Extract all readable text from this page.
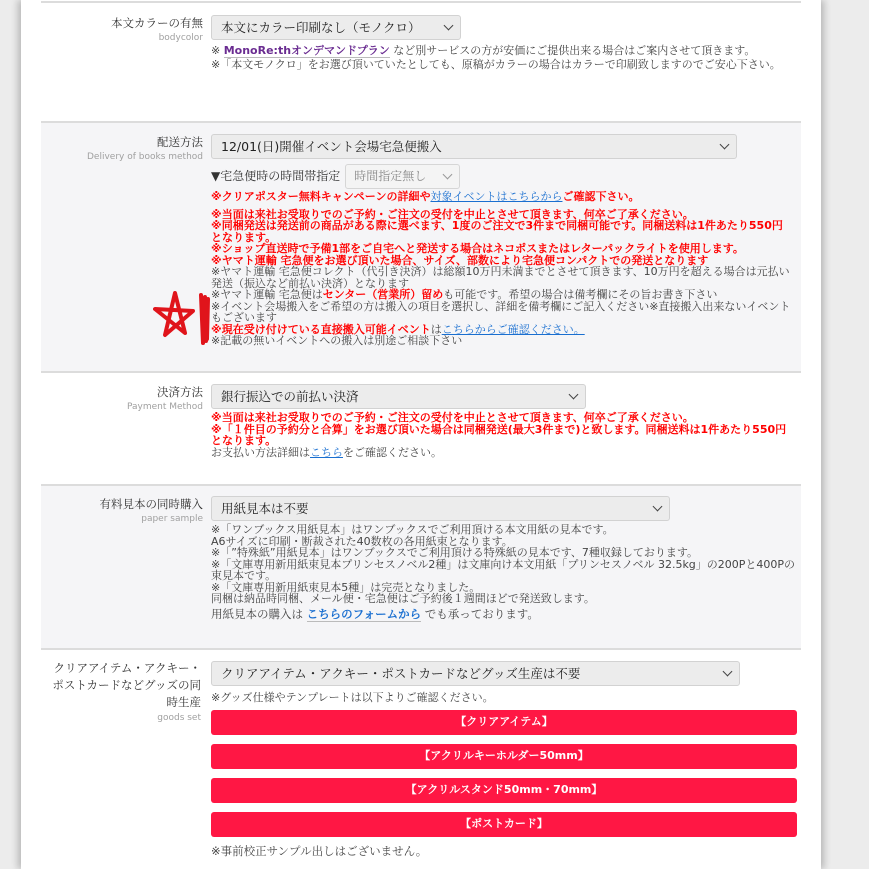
本文カラーの有無
bodycolor
本文にカラー印刷なし（モノクロ）
※ MonoRe:thオンデマンドプラン など別サービスの方が安価にご提供出来る場合はご案内させて頂きます。
※「本文モノクロ」をお選び頂いていたとしても、原稿がカラーの場合はカラーで印刷致しますのでご安心下さい。
配送方法
Delivery of books method
12/01(日)開催イベント会場宅急便搬入
▼宅急便時の時間帯指定 時間指定無し
※クリアポスター無料キャンペーンの詳細や対象イベントはこちらからご確認下さい。
※当面は来社お受取りでのご予約・ご注文の受付を中止とさせて頂きます、何卒ご了承ください。
※同梱発送は発送前の商品がある際に選べます、1度のご注文で3件まで同梱可能です。同梱送料は1件あたり550円となります。
※ショップ直送時で予備1部をご自宅へと発送する場合はネコポスまたはレターパックライトを使用します。
※ヤマト運輸 宅急便をお選び頂いた場合、サイズ、部数により宅急便コンパクトでの発送となります
※ヤマト運輸 宅急便コレクト（代引き決済）は総額10万円未満までとさせて頂きます、10万円を超える場合は元払い発送（振込など前払い決済）となります
※ヤマト運輸 宅急便はセンター（営業所）留めも可能です。希望の場合は備考欄にその旨お書き下さい
※イベント会場搬入をご希望の方は搬入の項目を選択し、詳細を備考欄にご記入ください※直接搬入出来ないイベントもございます
※現在受け付けている直接搬入可能イベントはこちらからご確認ください。
※記載の無いイベントへの搬入は別途ご相談下さい
決済方法
Payment Method
銀行振込での前払い決済
※当面は来社お受取りでのご予約・ご注文の受付を中止とさせて頂きます、何卒ご了承ください。
※「１件目の予約分と合算」をお選び頂いた場合は同梱発送(最大3件まで)と致します。同梱送料は1件あたり550円となります。
お支払い方法詳細はこちらをご確認ください。
有料見本の同時購入
paper sample
用紙見本は不要
※「ワンブックス用紙見本」はワンブックスでご利用頂ける本文用紙の見本です。
A6サイズに印刷・断裁された40数枚の各用紙束となります。
※「”特殊紙”用紙見本」はワンブックスでご利用頂ける特殊紙の見本です、7種収録しております。
※「文庫専用新用紙束見本プリンセスノベル2種」は文庫向け本文用紙「プリンセスノベル 32.5kg」の200Pと400Pの束見本です。
※「文庫専用新用紙束見本5種」は完売となりました。
同梱は納品時同梱、メール便・宅急便はご予約後１週間ほどで発送致します。
用紙見本の購入は こちらのフォームから でも承っております。
クリアアイテム・アクキー・ポストカードなどグッズの同時生産
goods set
クリアアイテム・アクキー・ポストカードなどグッズ生産は不要
※グッズ仕様やテンプレートは以下よりご確認ください。
【クリアアイテム】
【アクリルキーホルダー50mm】
【アクリルスタンド50mm・70mm】
【ポストカード】
※事前校正サンプル出しはございません。
